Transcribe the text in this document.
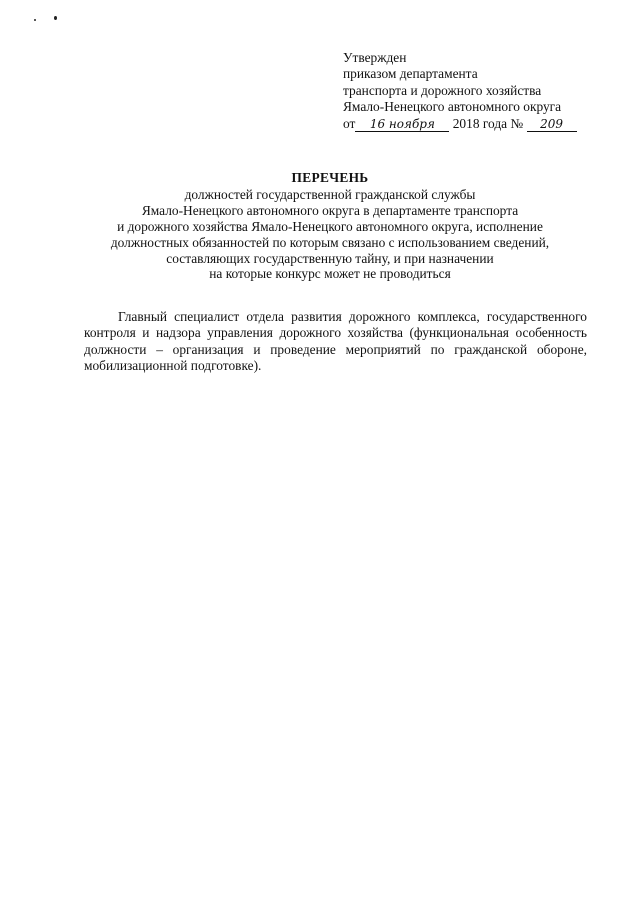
Утвержден
приказом департамента
транспорта и дорожного хозяйства
Ямало-Ненецкого автономного округа
от 16 ноября 2018 года № 209
ПЕРЕЧЕНЬ
должностей государственной гражданской службы
Ямало-Ненецкого автономного округа в департаменте транспорта
и дорожного хозяйства Ямало-Ненецкого автономного округа, исполнение
должностных обязанностей по которым связано с использованием сведений,
составляющих государственную тайну, и при назначении
на которые конкурс может не проводиться

Главный специалист отдела развития дорожного комплекса, государственного контроля и надзора управления дорожного хозяйства (функциональная особенность должности – организация и проведение мероприятий по гражданской обороне, мобилизационной подготовке).
